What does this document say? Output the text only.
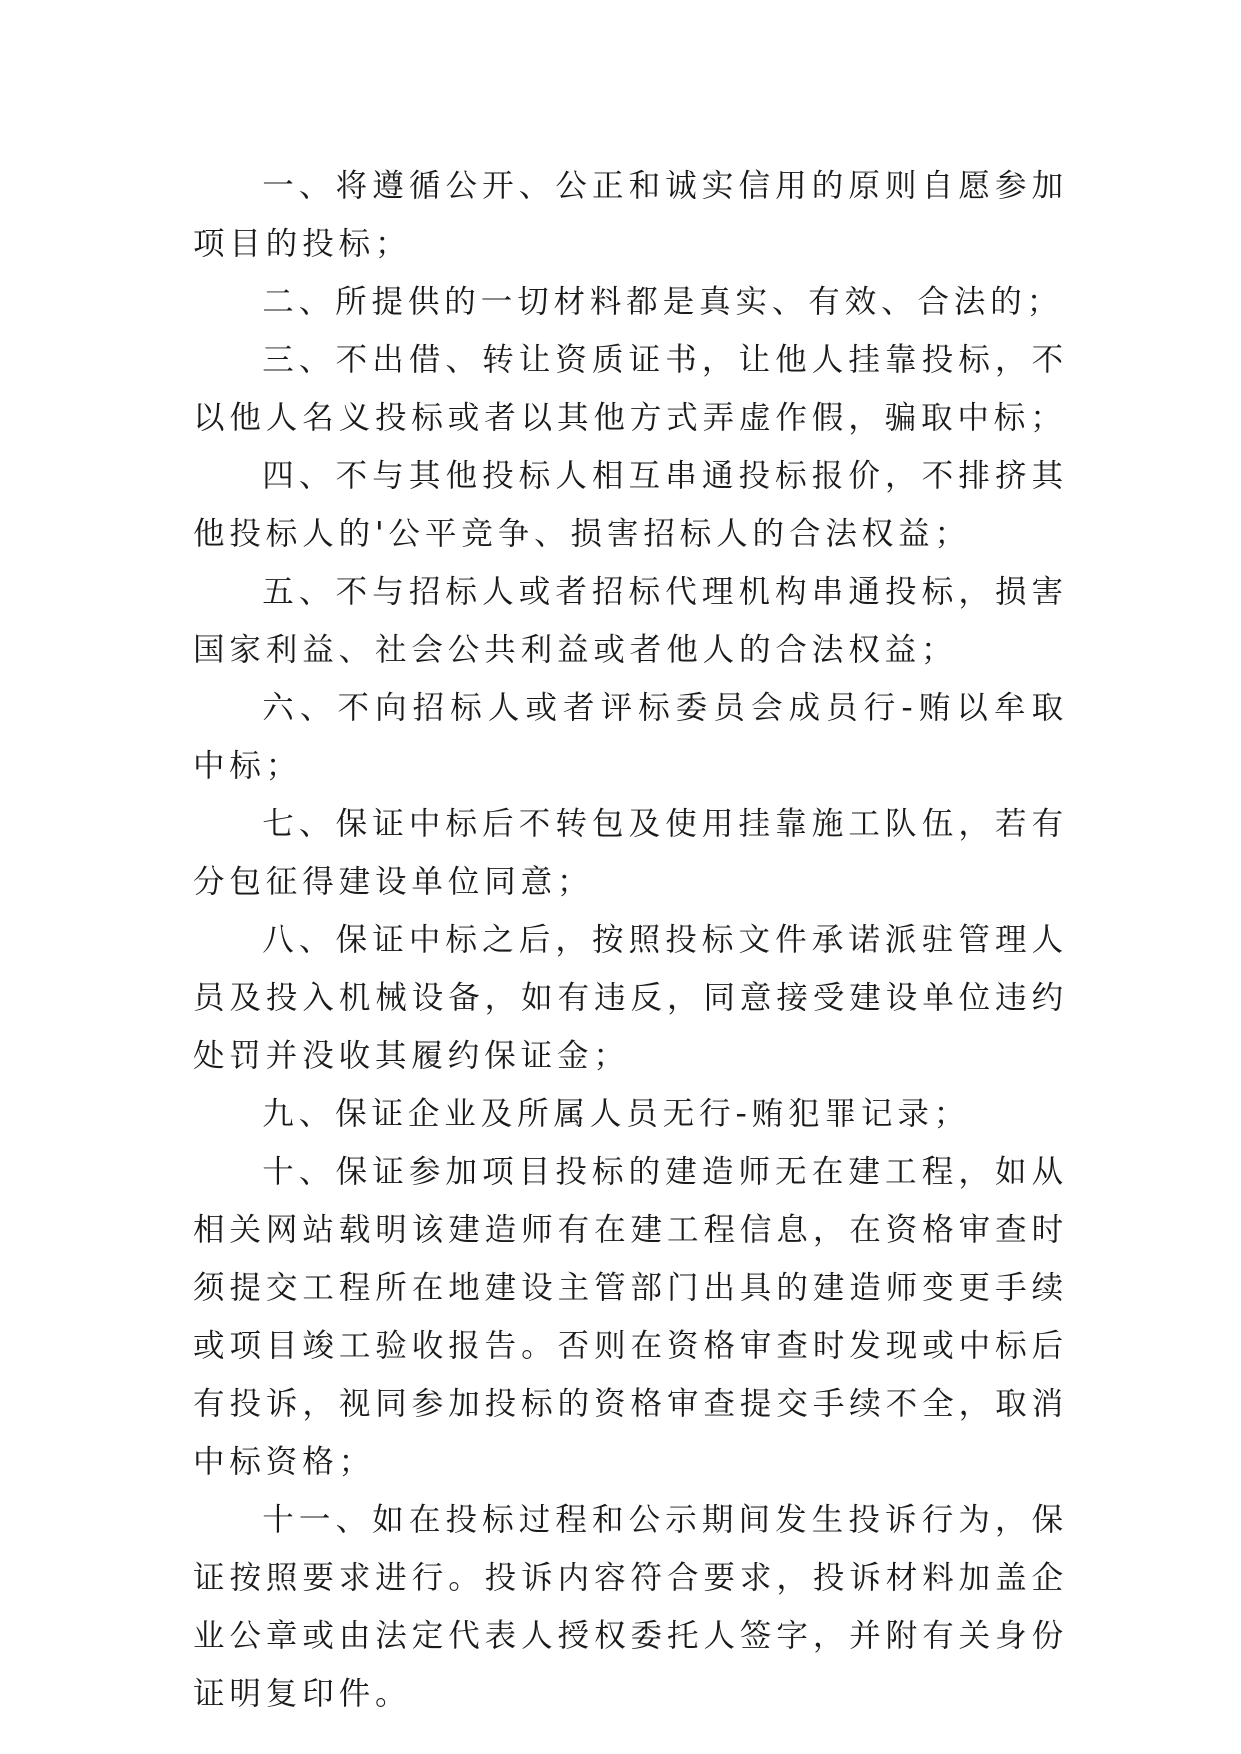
一、将遵循公开、公正和诚实信用的原则自愿参加项目的投标；

二、所提供的一切材料都是真实、有效、合法的；

三、不出借、转让资质证书，让他人挂靠投标，不以他人名义投标或者以其他方式弄虚作假，骗取中标；

四、不与其他投标人相互串通投标报价，不排挤其他投标人的'公平竞争、损害招标人的合法权益；

五、不与招标人或者招标代理机构串通投标，损害国家利益、社会公共利益或者他人的合法权益；

六、不向招标人或者评标委员会成员行-贿以牟取中标；

七、保证中标后不转包及使用挂靠施工队伍，若有分包征得建设单位同意；

八、保证中标之后，按照投标文件承诺派驻管理人员及投入机械设备，如有违反，同意接受建设单位违约处罚并没收其履约保证金；

九、保证企业及所属人员无行-贿犯罪记录；

十、保证参加项目投标的建造师无在建工程，如从相关网站载明该建造师有在建工程信息，在资格审查时须提交工程所在地建设主管部门出具的建造师变更手续或项目竣工验收报告。否则在资格审查时发现或中标后有投诉，视同参加投标的资格审查提交手续不全，取消中标资格；

十一、如在投标过程和公示期间发生投诉行为，保证按照要求进行。投诉内容符合要求，投诉材料加盖企业公章或由法定代表人授权委托人签字，并附有关身份证明复印件。
